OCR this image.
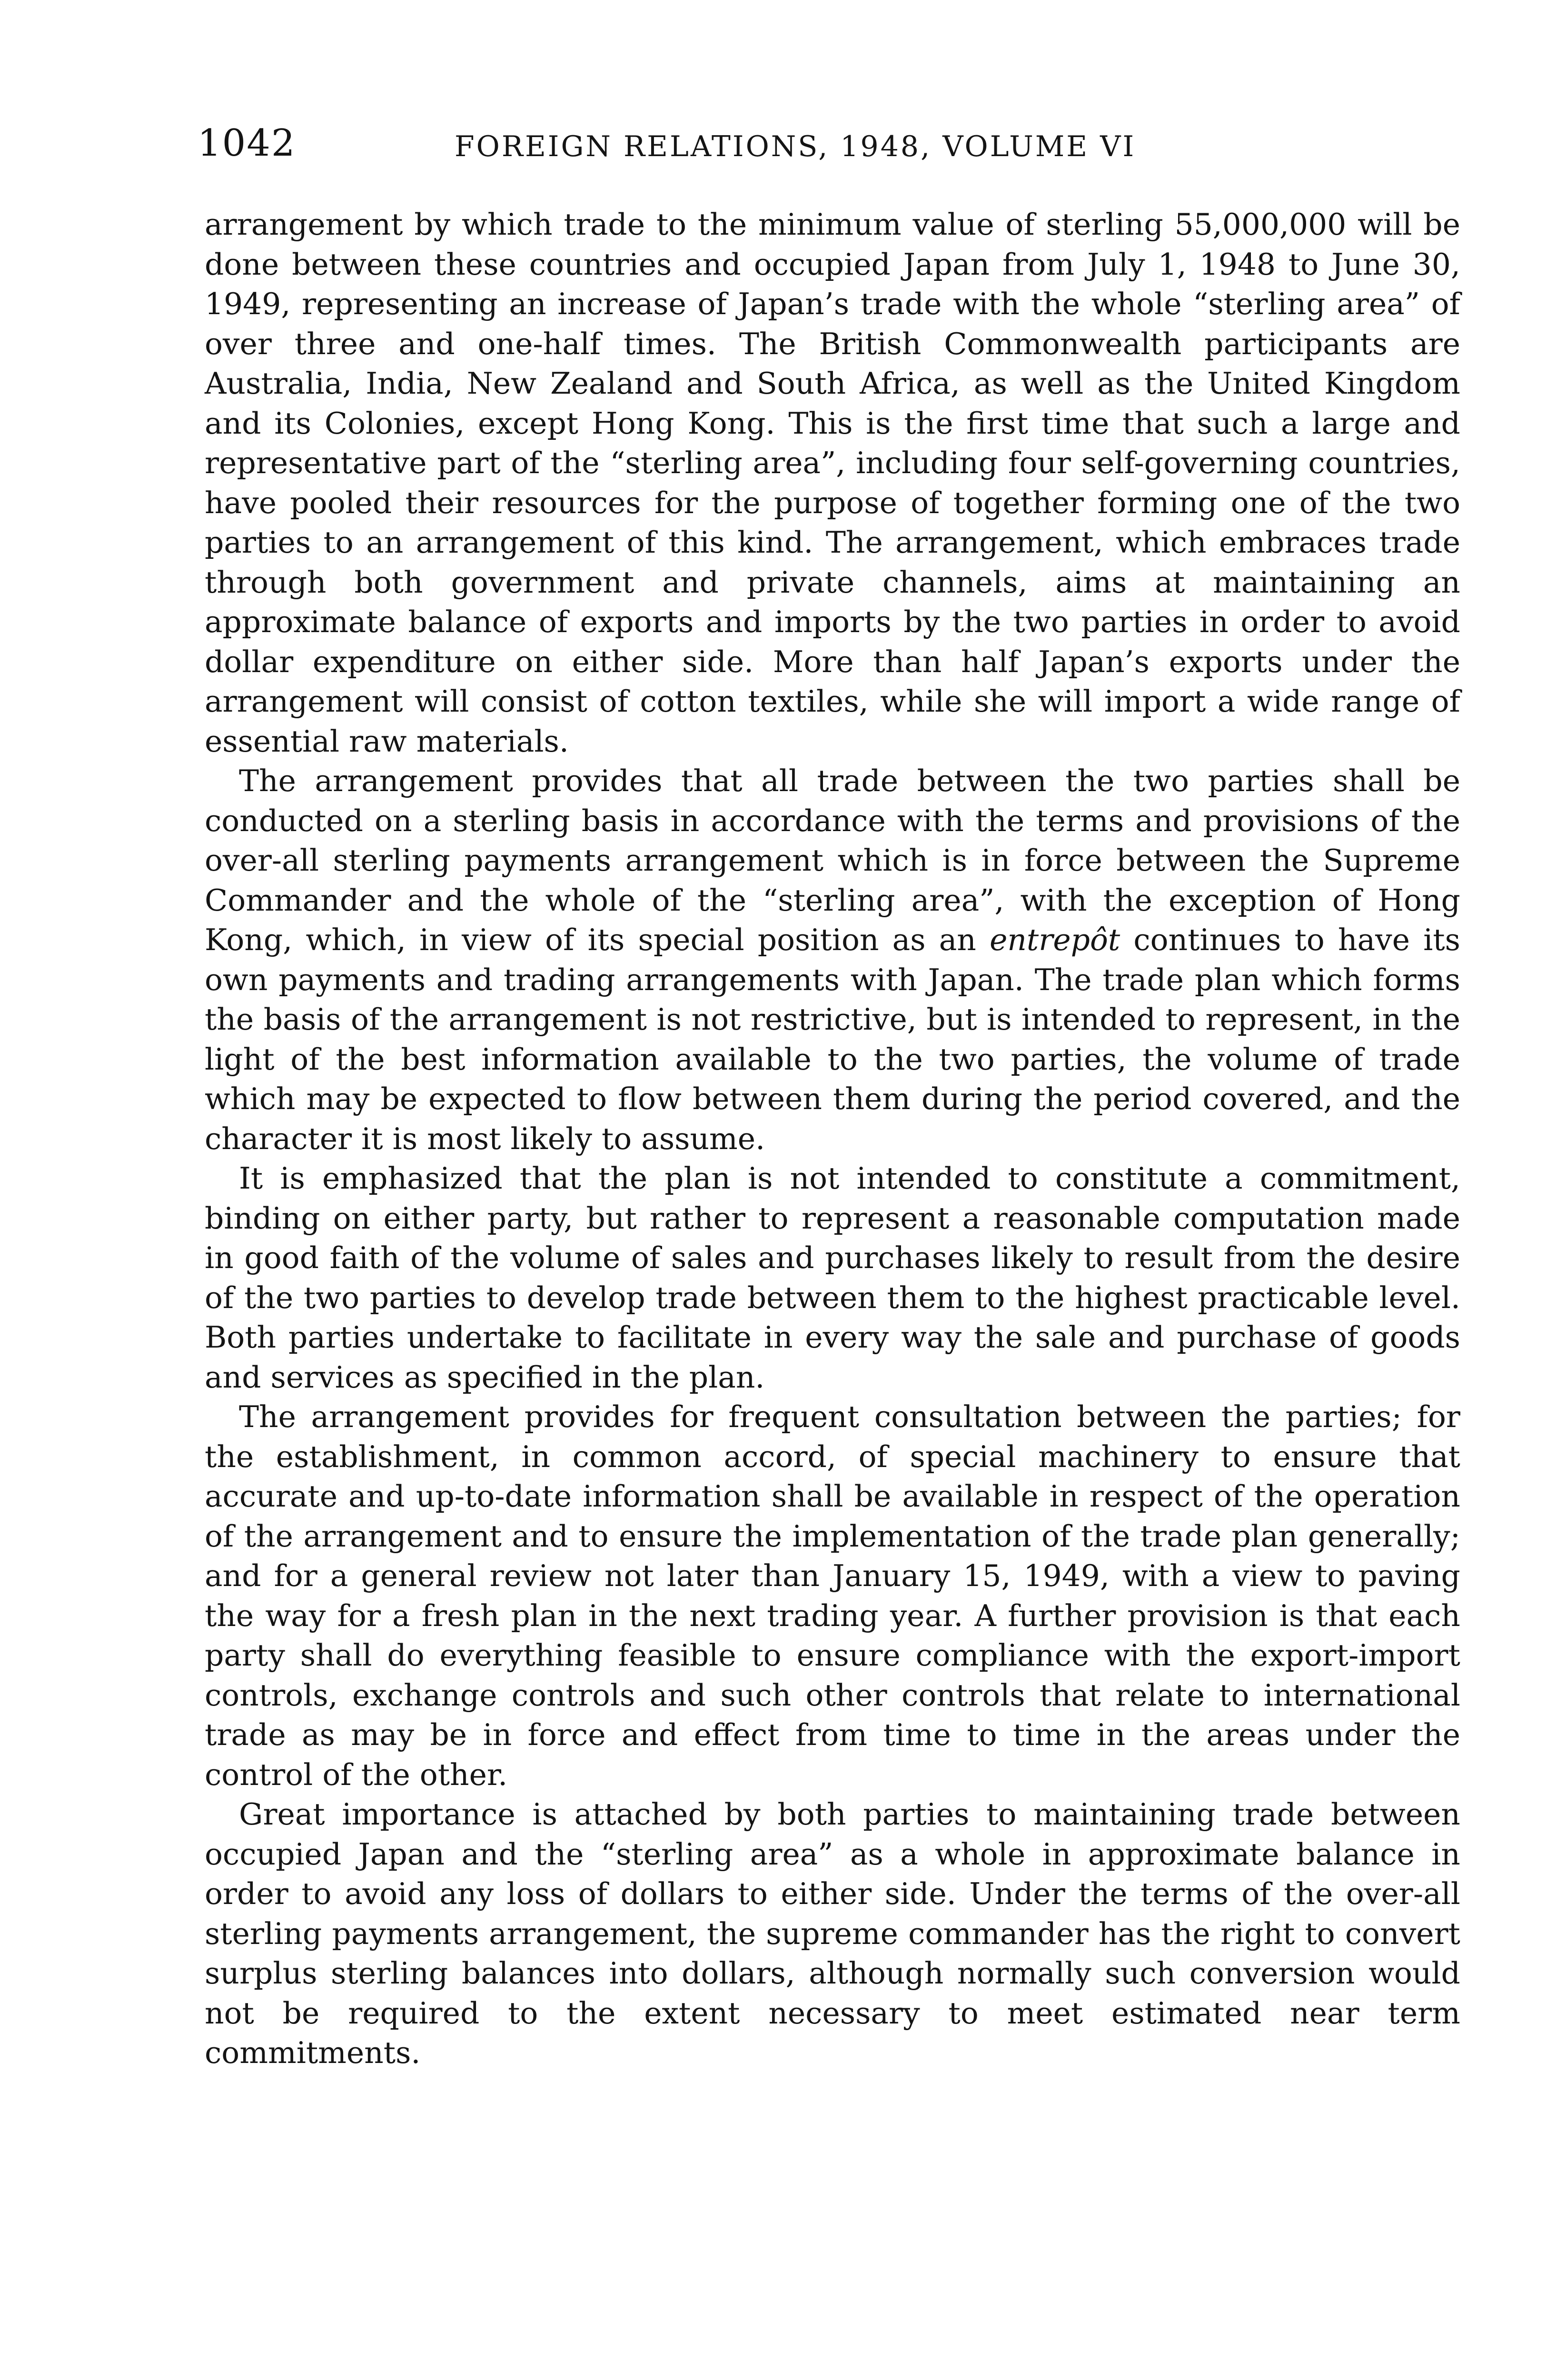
1042	FOREIGN RELATIONS, 1948, VOLUME VI

arrangement by which trade to the minimum value of sterling 55,000,000 will be done between these countries and occupied Japan from July 1, 1948 to June 30, 1949, representing an increase of Japan’s trade with the whole “sterling area” of over three and one-half times. The British Commonwealth participants are Australia, India, New Zealand and South Africa, as well as the United Kingdom and its Colonies, except Hong Kong. This is the first time that such a large and representative part of the “sterling area”, including four self-governing countries, have pooled their resources for the purpose of together forming one of the two parties to an arrangement of this kind. The arrangement, which embraces trade through both government and private channels, aims at maintaining an approximate balance of exports and imports by the two parties in order to avoid dollar expenditure on either side. More than half Japan’s exports under the arrangement will consist of cotton textiles, while she will import a wide range of essential raw materials.

The arrangement provides that all trade between the two parties shall be conducted on a sterling basis in accordance with the terms and provisions of the over-all sterling payments arrangement which is in force between the Supreme Commander and the whole of the “sterling area”, with the exception of Hong Kong, which, in view of its special position as an entrepôt continues to have its own payments and trading arrangements with Japan. The trade plan which forms the basis of the arrangement is not restrictive, but is intended to represent, in the light of the best information available to the two parties, the volume of trade which may be expected to flow between them during the period covered, and the character it is most likely to assume.

It is emphasized that the plan is not intended to constitute a commitment, binding on either party, but rather to represent a reasonable computation made in good faith of the volume of sales and purchases likely to result from the desire of the two parties to develop trade between them to the highest practicable level. Both parties undertake to facilitate in every way the sale and purchase of goods and services as specified in the plan.

The arrangement provides for frequent consultation between the parties; for the establishment, in common accord, of special machinery to ensure that accurate and up-to-date information shall be available in respect of the operation of the arrangement and to ensure the implementation of the trade plan generally; and for a general review not later than January 15, 1949, with a view to paving the way for a fresh plan in the next trading year. A further provision is that each party shall do everything feasible to ensure compliance with the export-import controls, exchange controls and such other controls that relate to international trade as may be in force and effect from time to time in the areas under the control of the other.

Great importance is attached by both parties to maintaining trade between occupied Japan and the “sterling area” as a whole in approximate balance in order to avoid any loss of dollars to either side. Under the terms of the over-all sterling payments arrangement, the supreme commander has the right to convert surplus sterling balances into dollars, although normally such conversion would not be required to the extent necessary to meet estimated near term commitments.
